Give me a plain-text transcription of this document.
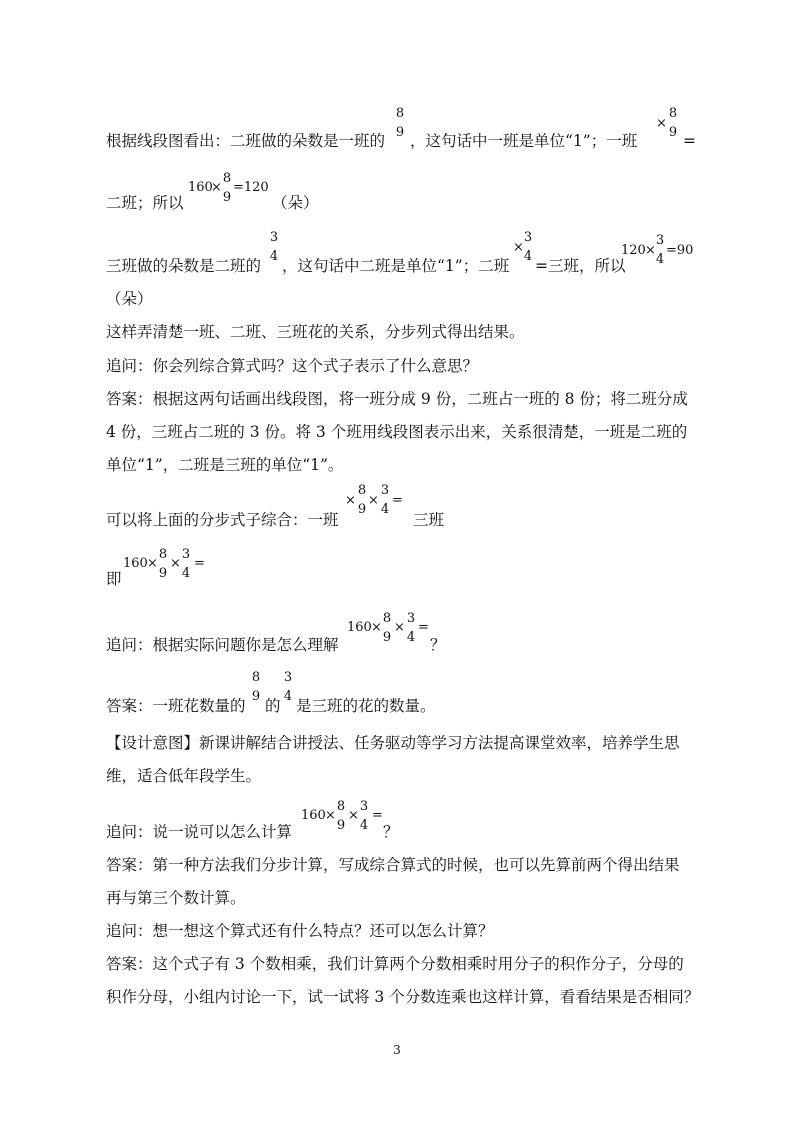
根据线段图看出：二班做的朵数是一班的
8
9 ，这句话中一班是单位“1”；一班
×
8
9 =
二班；所以
160
×
8
9
=120
（朵）
三班做的朵数是二班的
3
4
，这句话中二班是单位“1”；二班
×
3
4
=三班，所以
120 ×
3
4
=90
（朵）
这样弄清楚一班、二班、三班花的关系，分步列式得出结果。
追问：你会列综合算式吗？这个式子表示了什么意思？
答案：根据这两句话画出线段图，将一班分成 9 份，二班占一班的 8 份；将二班分成
4 份，三班占二班的 3 份。将 3 个班用线段图表示出来，关系很清楚，一班是二班的
单位“1”，二班是三班的单位“1”。
可以将上面的分步式子综合：一班
×
8
9
×
3
4
=
三班
即
160 ×
8
9
×
3
4
=
追问：根据实际问题你是怎么理解
160 ×
8
9
×
3
4
=
？
答案：一班花数量的
8
9
的
3
4
是三班的花的数量。
【设计意图】新课讲解结合讲授法、任务驱动等学习方法提高课堂效率，培养学生思
维，适合低年段学生。
追问：说一说可以怎么计算
160 ×
8
9
×
3
4
=
？
答案：第一种方法我们分步计算，写成综合算式的时候，也可以先算前两个得出结果
再与第三个数计算。
追问：想一想这个算式还有什么特点？还可以怎么计算？
答案：这个式子有 3 个数相乘，我们计算两个分数相乘时用分子的积作分子，分母的
积作分母，小组内讨论一下，试一试将 3 个分数连乘也这样计算，看看结果是否相同？
3
